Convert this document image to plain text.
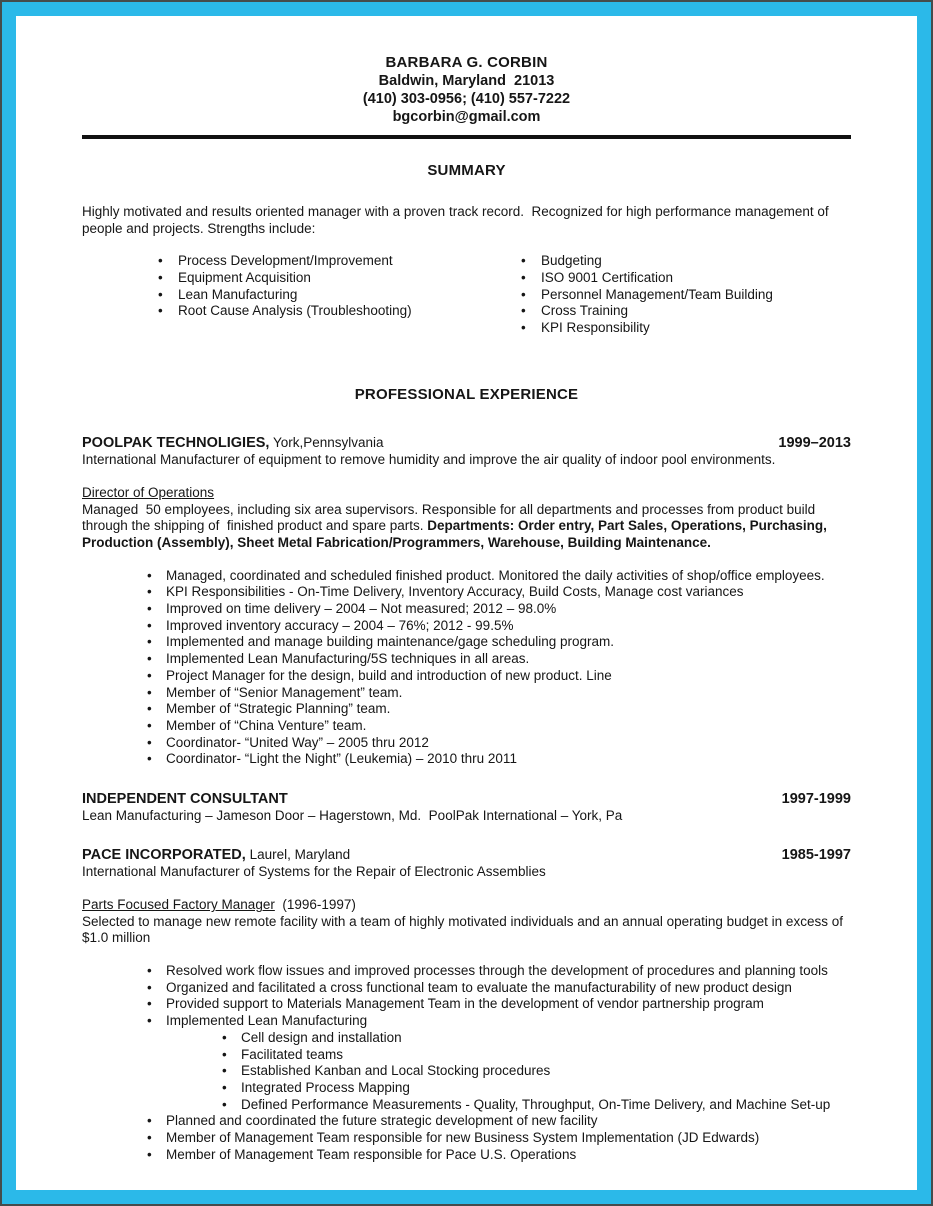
BARBARA G. CORBIN
Baldwin, Maryland  21013
(410) 303-0956; (410) 557-7222
bgcorbin@gmail.com
SUMMARY

Highly motivated and results oriented manager with a proven track record.  Recognized for high performance management of people and projects. Strengths include:

• Process Development/Improvement
• Equipment Acquisition
• Lean Manufacturing
• Root Cause Analysis (Troubleshooting)
• Budgeting
• ISO 9001 Certification
• Personnel Management/Team Building
• Cross Training
• KPI Responsibility
PROFESSIONAL EXPERIENCE
POOLPAK TECHNOLIGIES, York,Pennsylvania	1999–2013
International Manufacturer of equipment to remove humidity and improve the air quality of indoor pool environments.
Director of Operations

Managed  50 employees, including six area supervisors. Responsible for all departments and processes from product build through the shipping of  finished product and spare parts. Departments: Order entry, Part Sales, Operations, Purchasing, Production (Assembly), Sheet Metal Fabrication/Programmers, Warehouse, Building Maintenance.

• Managed, coordinated and scheduled finished product. Monitored the daily activities of shop/office employees.
• KPI Responsibilities - On-Time Delivery, Inventory Accuracy, Build Costs, Manage cost variances
• Improved on time delivery – 2004 – Not measured; 2012 – 98.0%
• Improved inventory accuracy – 2004 – 76%; 2012 - 99.5%
• Implemented and manage building maintenance/gage scheduling program.
• Implemented Lean Manufacturing/5S techniques in all areas.
• Project Manager for the design, build and introduction of new product. Line
• Member of “Senior Management” team.
• Member of “Strategic Planning” team.
• Member of “China Venture” team.
• Coordinator- “United Way” – 2005 thru 2012
• Coordinator- “Light the Night” (Leukemia) – 2010 thru 2011
INDEPENDENT CONSULTANT	1997-1999
Lean Manufacturing – Jameson Door – Hagerstown, Md.  PoolPak International – York, Pa
PACE INCORPORATED, Laurel, Maryland	1985-1997
International Manufacturer of Systems for the Repair of Electronic Assemblies
Parts Focused Factory Manager  (1996-1997)

Selected to manage new remote facility with a team of highly motivated individuals and an annual operating budget in excess of $1.0 million

• Resolved work flow issues and improved processes through the development of procedures and planning tools
• Organized and facilitated a cross functional team to evaluate the manufacturability of new product design
• Provided support to Materials Management Team in the development of vendor partnership program
• Implemented Lean Manufacturing
• Cell design and installation
• Facilitated teams
• Established Kanban and Local Stocking procedures
• Integrated Process Mapping
• Defined Performance Measurements - Quality, Throughput, On-Time Delivery, and Machine Set-up
• Planned and coordinated the future strategic development of new facility
• Member of Management Team responsible for new Business System Implementation (JD Edwards)
• Member of Management Team responsible for Pace U.S. Operations
